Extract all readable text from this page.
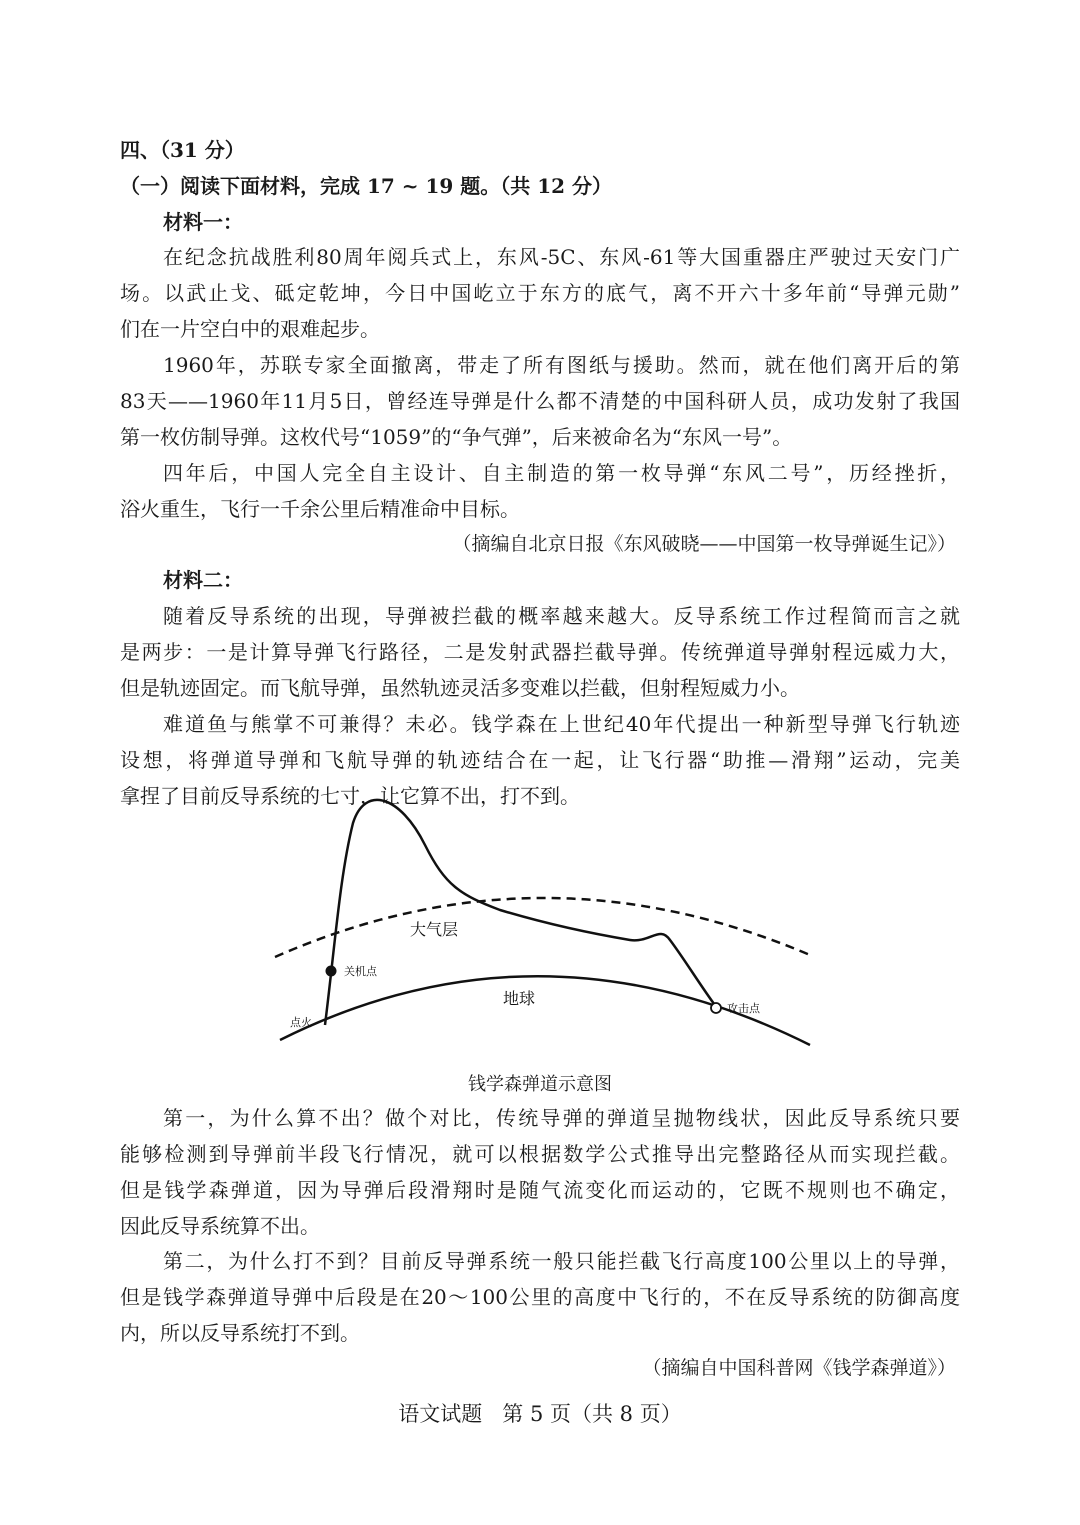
四、（31 分）
（一）阅读下面材料，完成 17 ~ 19 题。（共 12 分）
材料一：
在纪念抗战胜利80周年阅兵式上，东风-5C、东风-61等大国重器庄严驶过天安门广
场。以武止戈、砥定乾坤，今日中国屹立于东方的底气，离不开六十多年前“导弹元勋”
们在一片空白中的艰难起步。
1960年，苏联专家全面撤离，带走了所有图纸与援助。然而，就在他们离开后的第
83天——1960年11月5日，曾经连导弹是什么都不清楚的中国科研人员，成功发射了我国
第一枚仿制导弹。这枚代号“1059”的“争气弹”，后来被命名为“东风一号”。
四年后，中国人完全自主设计、自主制造的第一枚导弹“东风二号”，历经挫折，
浴火重生，飞行一千余公里后精准命中目标。
（摘编自北京日报《东风破晓——中国第一枚导弹诞生记》）
材料二：
随着反导系统的出现，导弹被拦截的概率越来越大。反导系统工作过程简而言之就
是两步：一是计算导弹飞行路径，二是发射武器拦截导弹。传统弹道导弹射程远威力大，
但是轨迹固定。而飞航导弹，虽然轨迹灵活多变难以拦截，但射程短威力小。
难道鱼与熊掌不可兼得？未必。钱学森在上世纪40年代提出一种新型导弹飞行轨迹
设想，将弹道导弹和飞航导弹的轨迹结合在一起，让飞行器“助推—滑翔”运动，完美
拿捏了目前反导系统的七寸，让它算不出，打不到。
大气层
关机点
地球
点火
攻击点
钱学森弹道示意图
第一，为什么算不出？做个对比，传统导弹的弹道呈抛物线状，因此反导系统只要
能够检测到导弹前半段飞行情况，就可以根据数学公式推导出完整路径从而实现拦截。
但是钱学森弹道，因为导弹后段滑翔时是随气流变化而运动的，它既不规则也不确定，
因此反导系统算不出。
第二，为什么打不到？目前反导弹系统一般只能拦截飞行高度100公里以上的导弹，
但是钱学森弹道导弹中后段是在20～100公里的高度中飞行的，不在反导系统的防御高度
内，所以反导系统打不到。
（摘编自中国科普网《钱学森弹道》）
语文试题   第 5 页（共 8 页）
